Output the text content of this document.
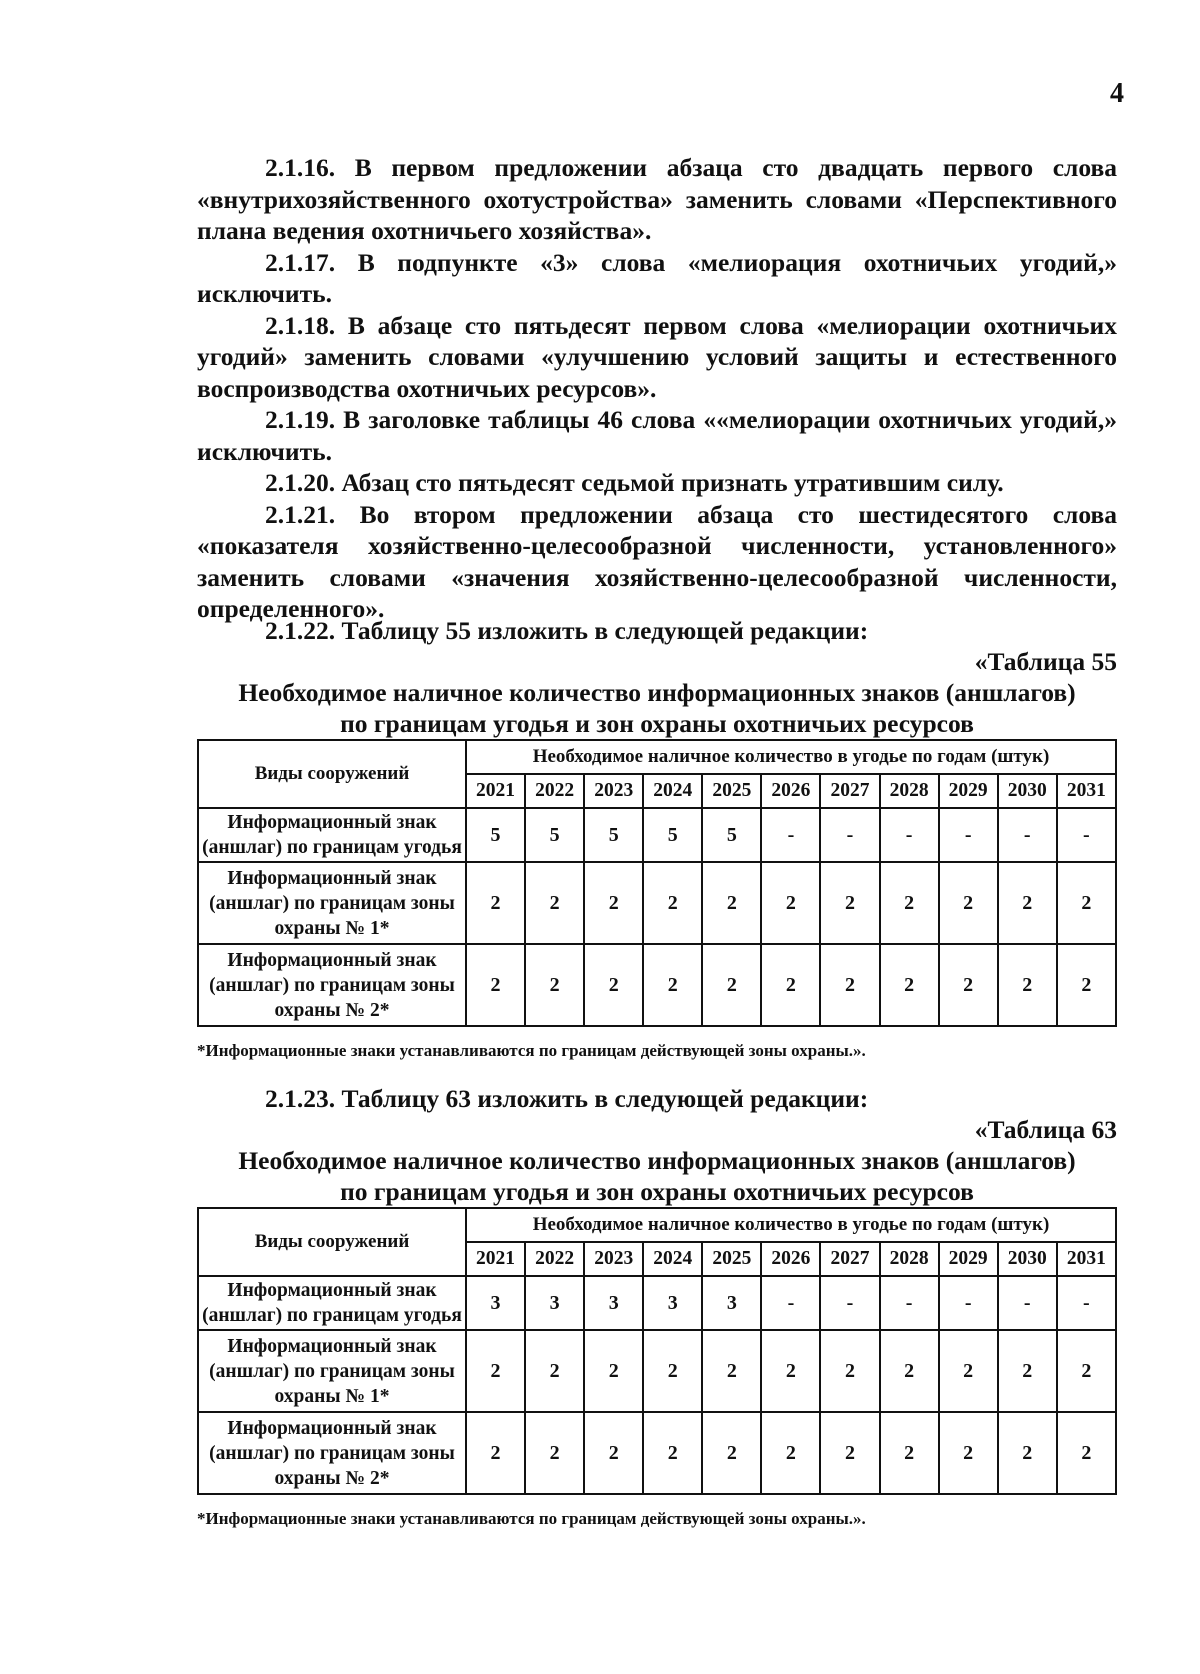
4

2.1.16. В первом предложении абзаца сто двадцать первого слова «внутрихозяйственного охотустройства» заменить словами «Перспективного плана ведения охотничьего хозяйства».

2.1.17. В подпункте «3» слова «мелиорация охотничьих угодий,» исключить.

2.1.18. В абзаце сто пятьдесят первом слова «мелиорации охотничьих угодий» заменить словами «улучшению условий защиты и естественного воспроизводства охотничьих ресурсов».

2.1.19. В заголовке таблицы 46 слова ««мелиорации охотничьих угодий,» исключить.

2.1.20. Абзац сто пятьдесят седьмой признать утратившим силу.

2.1.21. Во втором предложении абзаца сто шестидесятого слова «показателя хозяйственно-целесообразной численности, установленного» заменить словами «значения хозяйственно-целесообразной численности, определенного».

2.1.22. Таблицу 55 изложить в следующей редакции:
«Таблица 55
Необходимое наличное количество информационных знаков (аншлагов)
по границам угодья и зон охраны охотничьих ресурсов
Виды сооружений	Необходимое наличное количество в угодье по годам (штук)										
	2021	2022	2023	2024	2025	2026	2027	2028	2029	2030	2031
Информационный знак (аншлаг) по границам угодья	5	5	5	5	5	-	-	-	-	-	-
Информационный знак (аншлаг) по границам зоны охраны № 1*	2	2	2	2	2	2	2	2	2	2	2
Информационный знак (аншлаг) по границам зоны охраны № 2*	2	2	2	2	2	2	2	2	2	2	2
*Информационные знаки устанавливаются по границам действующей зоны охраны.».
2.1.23. Таблицу 63 изложить в следующей редакции:
«Таблица 63
Необходимое наличное количество информационных знаков (аншлагов)
по границам угодья и зон охраны охотничьих ресурсов
Виды сооружений	Необходимое наличное количество в угодье по годам (штук)										
	2021	2022	2023	2024	2025	2026	2027	2028	2029	2030	2031
Информационный знак (аншлаг) по границам угодья	3	3	3	3	3	-	-	-	-	-	-
Информационный знак (аншлаг) по границам зоны охраны № 1*	2	2	2	2	2	2	2	2	2	2	2
Информационный знак (аншлаг) по границам зоны охраны № 2*	2	2	2	2	2	2	2	2	2	2	2
*Информационные знаки устанавливаются по границам действующей зоны охраны.».
